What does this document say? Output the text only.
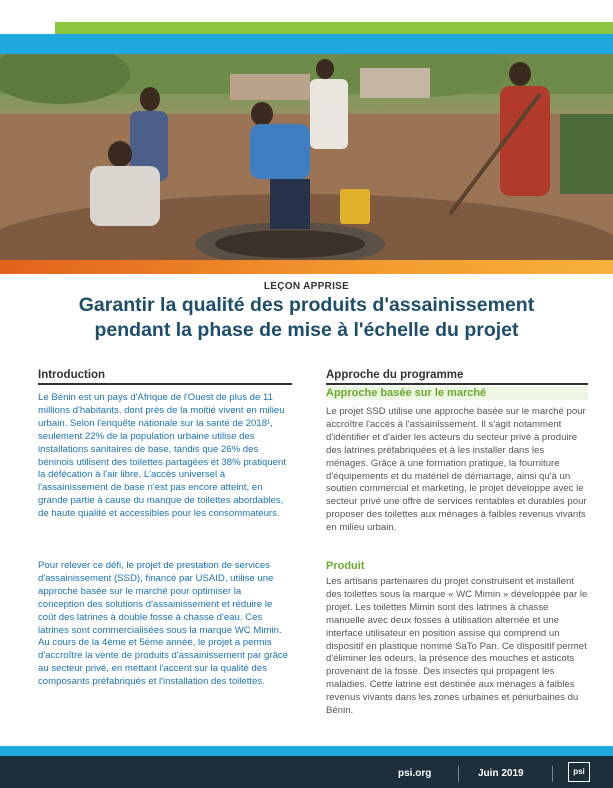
LEÇON APPRISE
Garantir la qualité des produits d'assainissement
pendant la phase de mise à l'échelle du projet
Introduction

Le Bénin est un pays d'Afrique de l'Ouest de plus de 11 millions d'habitants, dont près de la moitié vivent en milieu urbain. Selon l'enquête nationale sur la santé de 2018¹, seulement 22% de la population urbaine utilise des installations sanitaires de base, tandis que 26% des béninois utilisent des toilettes partagées et 38% pratiquent la défécation à l'air libre. L'accès universel à l'assainissement de base n'est pas encore atteint, en grande partie à cause du manque de toilettes abordables, de haute qualité et accessibles pour les consommateurs.

Pour relever ce défi, le projet de prestation de services d'assainissement (SSD), financé par USAID, utilise une approche basée sur le marché pour optimiser la conception des solutions d'assainissement et réduire le coût des latrines à double fosse à chasse d'eau. Ces latrines sont commercialisées sous la marque WC Mimin. Au cours de la 4ème et 5ème année, le projet a permis d'accroître la vente de produits d'assainissement par grâce au secteur privé, en mettant l'accent sur la qualité des composants préfabriqués et l'installation des toilettes.

Approche du programme
Approche basée sur le marché

Le projet SSD utilise une approche basée sur le marché pour accroître l'accès à l'assainissement. Il s'agit notamment d'identifier et d'aider les acteurs du secteur privé à produire des latrines préfabriquées et à les installer dans les ménages. Grâce à une formation pratique, la fourniture d'équipements et du matériel de démarrage, ainsi qu'à un soutien commercial et marketing, le projet développe avec le secteur privé une offre de services rentables et durables pour proposer des toilettes aux ménages à faibles revenus vivants en milieu urbain.

Produit

Les artisans partenaires du projet construisent et installent des toilettes sous la marque « WC Mimin » développée par le projet. Les toilettes Mimin sont des latrines à chasse manuelle avec deux fosses à utilisation alternée et une interface utilisateur en position assise qui comprend un dispositif en plastique nommé SaTo Pan. Ce dispositif permet d'éliminer les odeurs, la présence des mouches et asticots provenant de la fosse. Des insectes qui propagent les maladies. Cette latrine est destinée aux ménages à faibles revenus vivants dans les zones urbaines et périurbaines du Bénin.

psi.org	Juin 2019	psi
